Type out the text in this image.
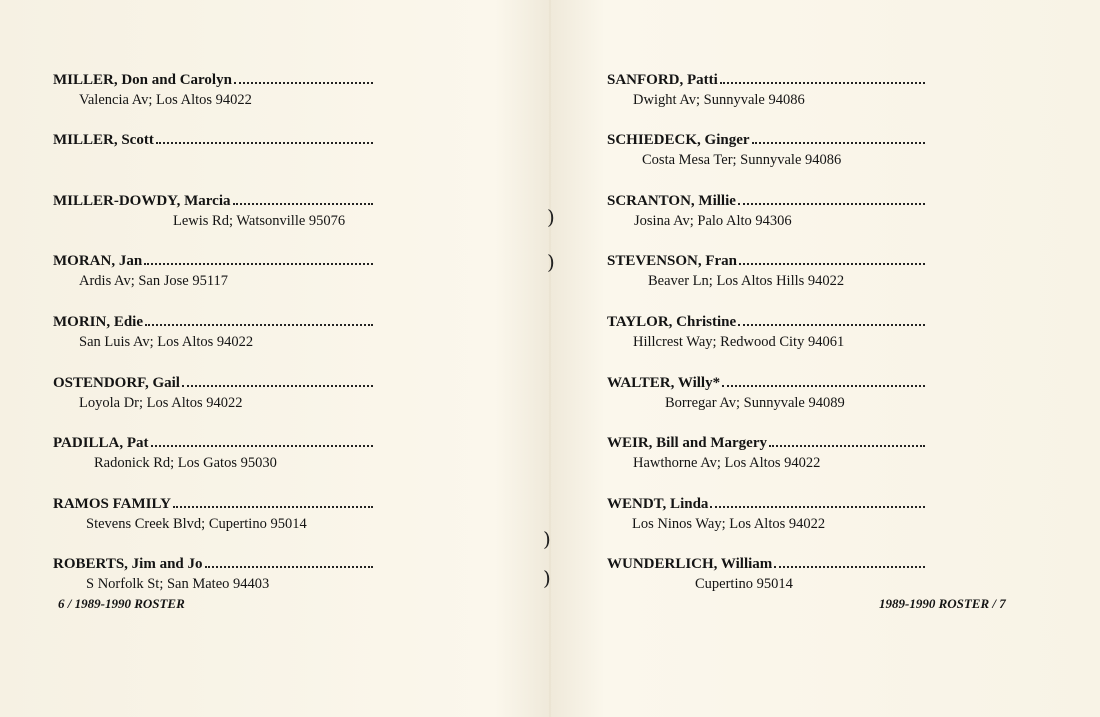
MILLER, Don and Carolyn
Valencia Av; Los Altos 94022
MILLER, Scott
MILLER-DOWDY, Marcia
Lewis Rd; Watsonville 95076
MORAN, Jan
Ardis Av; San Jose 95117
MORIN, Edie
San Luis Av; Los Altos 94022
OSTENDORF, Gail
Loyola Dr; Los Altos 94022
PADILLA, Pat
Radonick Rd; Los Gatos 95030
RAMOS FAMILY
Stevens Creek Blvd; Cupertino 95014
ROBERTS, Jim and Jo
S Norfolk St; San Mateo 94403
6 / 1989-1990 ROSTER
SANFORD, Patti
Dwight Av; Sunnyvale 94086
SCHIEDECK, Ginger
Costa Mesa Ter; Sunnyvale 94086
SCRANTON, Millie
Josina Av; Palo Alto 94306
STEVENSON, Fran
Beaver Ln; Los Altos Hills 94022
TAYLOR, Christine
Hillcrest Way; Redwood City 94061
WALTER, Willy*
Borregar Av; Sunnyvale 94089
WEIR, Bill and Margery
Hawthorne Av; Los Altos 94022
WENDT, Linda
Los Ninos Way; Los Altos 94022
WUNDERLICH, William
Cupertino 95014
1989-1990 ROSTER / 7
)
)
)
)
